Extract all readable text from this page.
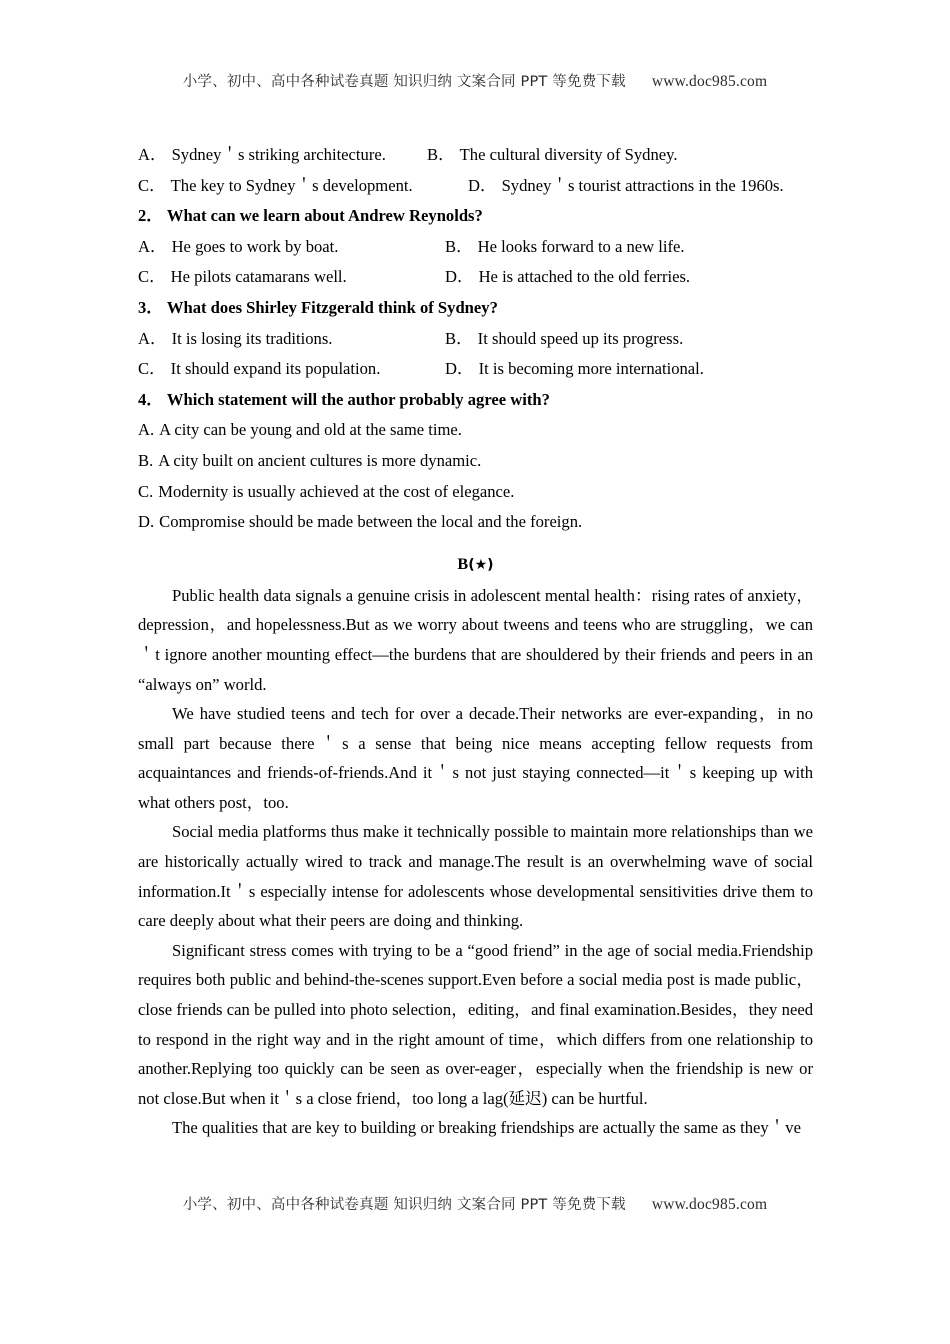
小学、初中、高中各种试卷真题 知识归纳 文案合同 PPT 等免费下载 www.doc985.com
A． Sydney＇s striking architecture. B． The cultural diversity of Sydney.
C． The key to Sydney＇s development.	D． Sydney＇s tourist attractions in the 1960s.
2． What can we learn about Andrew Reynolds?
A． He goes to work by boat.	B． He looks forward to a new life.
C． He pilots catamarans well.	D． He is attached to the old ferries.
3． What does Shirley Fitzgerald think of Sydney?
A． It is losing its traditions.	B． It should speed up its progress.
C． It should expand its population.	D． It is becoming more international.
4． Which statement will the author probably agree with?
A. A city can be young and old at the same time.
B. A city built on ancient cultures is more dynamic.
C. Modernity is usually achieved at the cost of elegance.
D. Compromise should be made between the local and the foreign.
B(★)

Public health data signals a genuine crisis in adolescent mental health：rising rates of anxiety，depression，and hopelessness.But as we worry about tweens and teens who are struggling，we can＇t ignore another mounting effect—the burdens that are shouldered by their friends and peers in an “always on” world.

We have studied teens and tech for over a decade.Their networks are ever-expanding，in no small part because there＇s a sense that being nice means accepting fellow requests from acquaintances and friends-of-friends.And it＇s not just staying connected—it＇s keeping up with what others post，too.

Social media platforms thus make it technically possible to maintain more relationships than we are historically actually wired to track and manage.The result is an overwhelming wave of social information.It＇s especially intense for adolescents whose developmental sensitivities drive them to care deeply about what their peers are doing and thinking.

Significant stress comes with trying to be a “good friend” in the age of social media.Friendship requires both public and behind-the-scenes support.Even before a social media post is made public，close friends can be pulled into photo selection，editing，and final examination.Besides，they need to respond in the right way and in the right amount of time，which differs from one relationship to another.Replying too quickly can be seen as over-eager，especially when the friendship is new or not close.But when it＇s a close friend，too long a lag(延迟) can be hurtful.

The qualities that are key to building or breaking friendships are actually the same as they＇ve

小学、初中、高中各种试卷真题 知识归纳 文案合同 PPT 等免费下载 www.doc985.com
